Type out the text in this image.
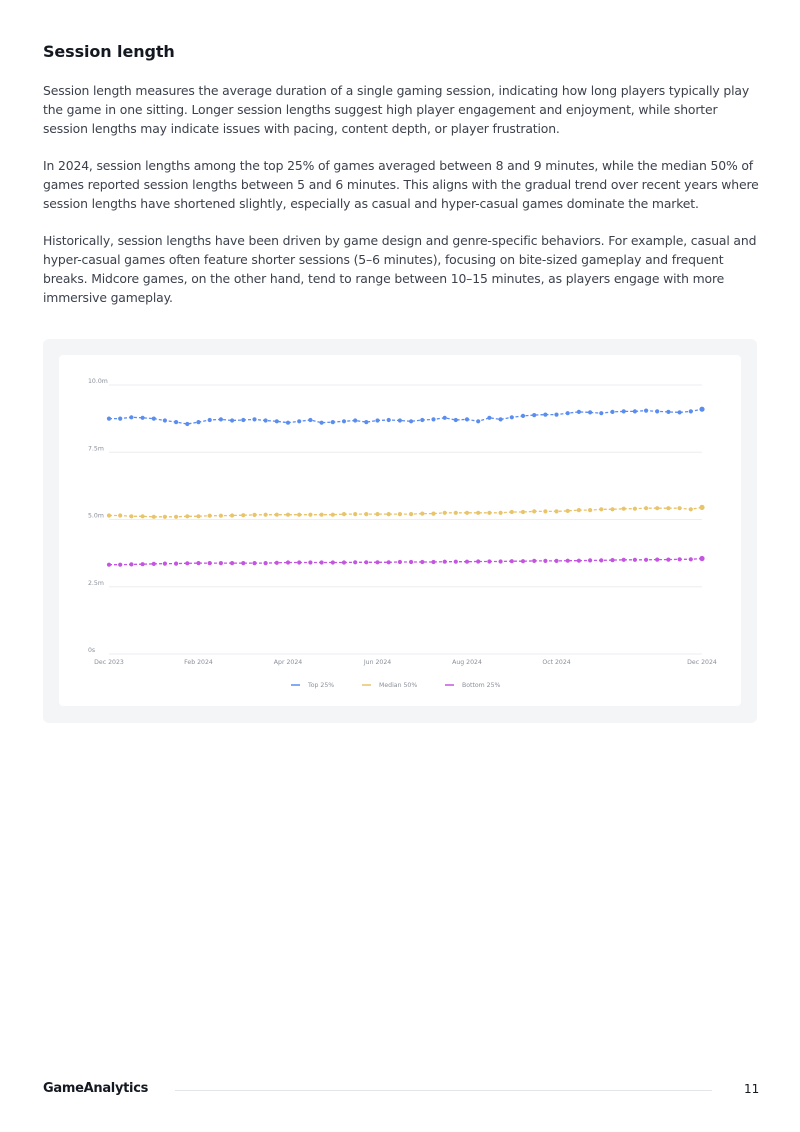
Session length

Session length measures the average duration of a single gaming session, indicating how long players typically play the game in one sitting. Longer session lengths suggest high player engagement and enjoyment, while shorter session lengths may indicate issues with pacing, content depth, or player frustration.

In 2024, session lengths among the top 25% of games averaged between 8 and 9 minutes, while the median 50% of games reported session lengths between 5 and 6 minutes. This aligns with the gradual trend over recent years where session lengths have shortened slightly, especially as casual and hyper-casual games dominate the market.

Historically, session lengths have been driven by game design and genre-specific behaviors. For example, casual and hyper-casual games often feature shorter sessions (5–6 minutes), focusing on bite-sized gameplay and frequent breaks. Midcore games, on the other hand, tend to range between 10–15 minutes, as players engage with more immersive gameplay.

0s
2.5m
5.0m
7.5m
10.0m
Dec 2023	Feb 2024	Apr 2024	Jun 2024	Aug 2024	Oct 2024	Dec 2024
Top 25%	Median 50%	Bottom 25%
GameAnalytics	11
